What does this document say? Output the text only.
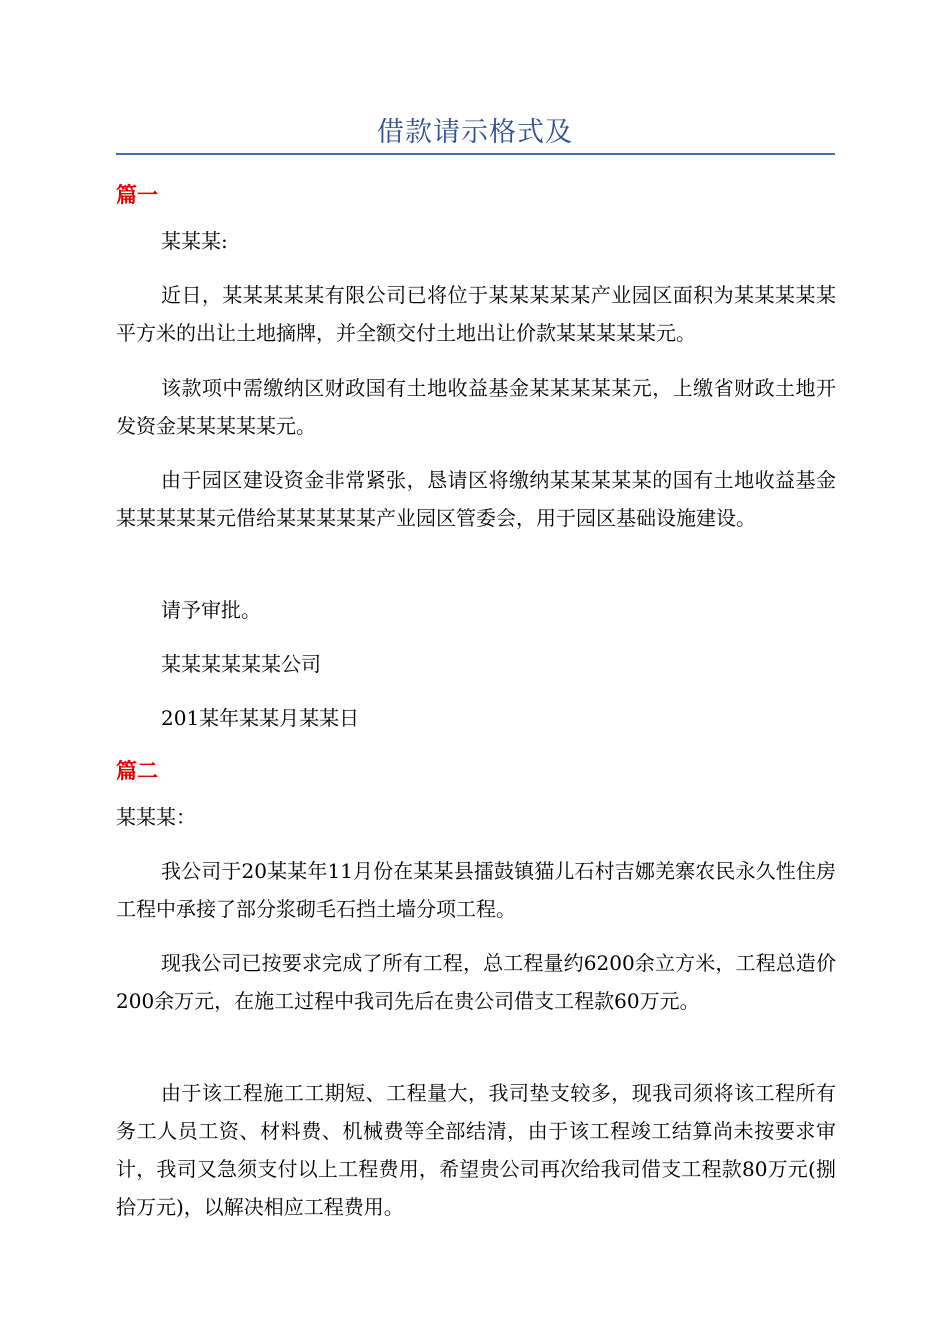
借款请示格式及
篇一
某某某:
近日，某某某某某有限公司已将位于某某某某某产业园区面积为某某某某某平方米的出让土地摘牌，并全额交付土地出让价款某某某某某元。
该款项中需缴纳区财政国有土地收益基金某某某某某元，上缴省财政土地开发资金某某某某某元。
由于园区建设资金非常紧张，恳请区将缴纳某某某某某的国有土地收益基金某某某某某元借给某某某某某产业园区管委会，用于园区基础设施建设。
请予审批。
某某某某某某公司
201某年某某月某某日
篇二
某某某：
我公司于20某某年11月份在某某县擂鼓镇猫儿石村吉娜羌寨农民永久性住房工程中承接了部分浆砌毛石挡土墙分项工程。
现我公司已按要求完成了所有工程，总工程量约6200余立方米，工程总造价200余万元，在施工过程中我司先后在贵公司借支工程款60万元。
由于该工程施工工期短、工程量大，我司垫支较多，现我司须将该工程所有务工人员工资、材料费、机械费等全部结清，由于该工程竣工结算尚未按要求审计，我司又急须支付以上工程费用，希望贵公司再次给我司借支工程款80万元(捌拾万元)，以解决相应工程费用。
